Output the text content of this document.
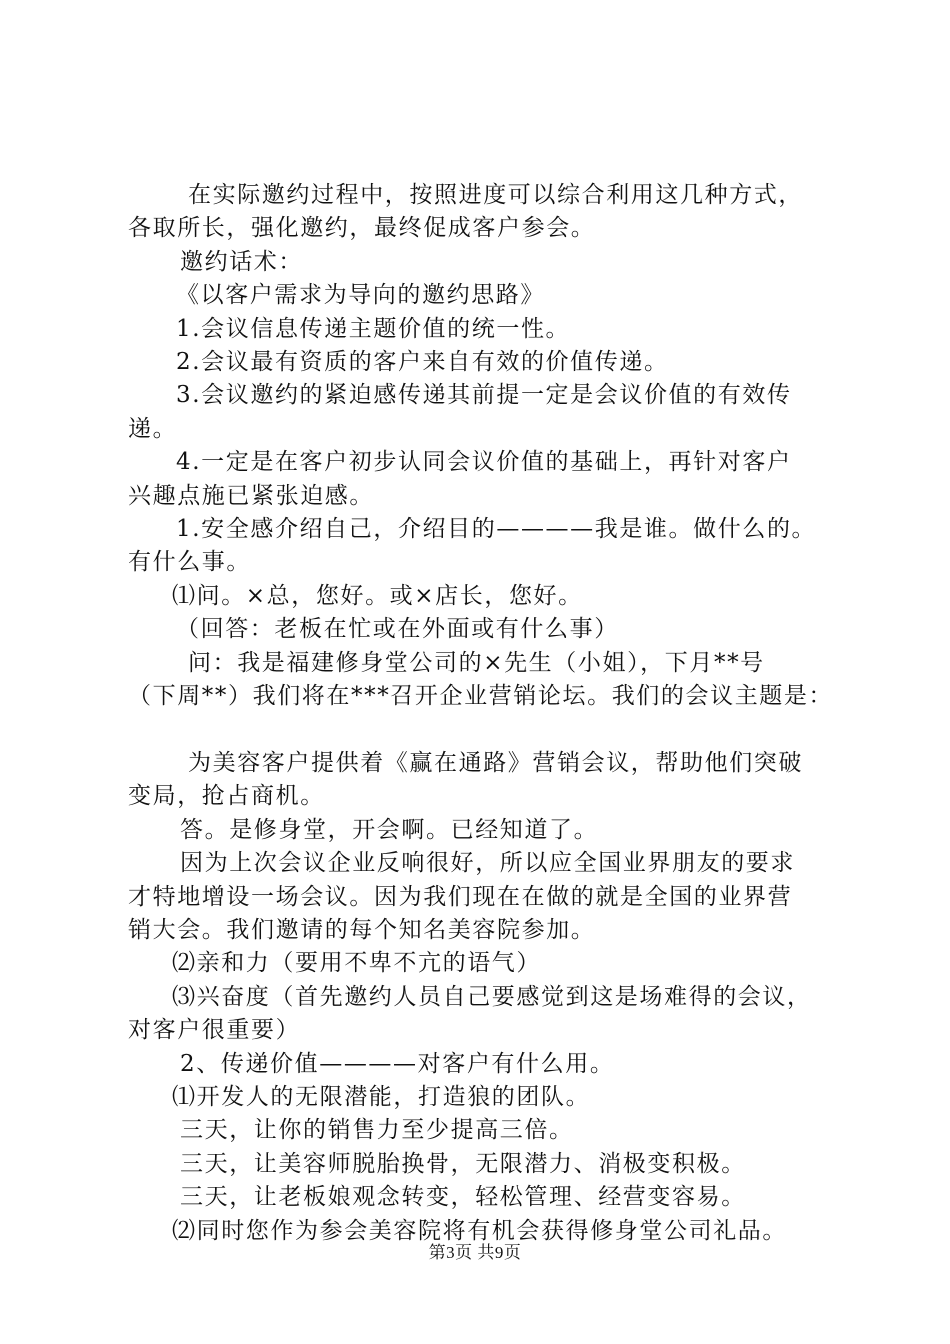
在实际邀约过程中，按照进度可以综合利用这几种方式，

各取所长，强化邀约，最终促成客户参会。

邀约话术：

《以客户需求为导向的邀约思路》

1.会议信息传递主题价值的统一性。

2.会议最有资质的客户来自有效的价值传递。

3.会议邀约的紧迫感传递其前提一定是会议价值的有效传

递。

4.一定是在客户初步认同会议价值的基础上，再针对客户

兴趣点施已紧张迫感。

1.安全感介绍自己，介绍目的————我是谁。做什么的。

有什么事。

⑴问。×总，您好。或×店长，您好。

（回答：老板在忙或在外面或有什么事）

问：我是福建修身堂公司的×先生（小姐），下月**号

（下周**）我们将在***召开企业营销论坛。我们的会议主题是：

为美容客户提供着《赢在通路》营销会议，帮助他们突破

变局，抢占商机。

答。是修身堂，开会啊。已经知道了。

因为上次会议企业反响很好，所以应全国业界朋友的要求

才特地增设一场会议。因为我们现在在做的就是全国的业界营

销大会。我们邀请的每个知名美容院参加。

⑵亲和力（要用不卑不亢的语气）

⑶兴奋度（首先邀约人员自己要感觉到这是场难得的会议，

对客户很重要）

2、传递价值————对客户有什么用。

⑴开发人的无限潜能，打造狼的团队。

三天，让你的销售力至少提高三倍。

三天，让美容师脱胎换骨，无限潜力、消极变积极。

三天，让老板娘观念转变，轻松管理、经营变容易。

⑵同时您作为参会美容院将有机会获得修身堂公司礼品。

第3页 共9页
